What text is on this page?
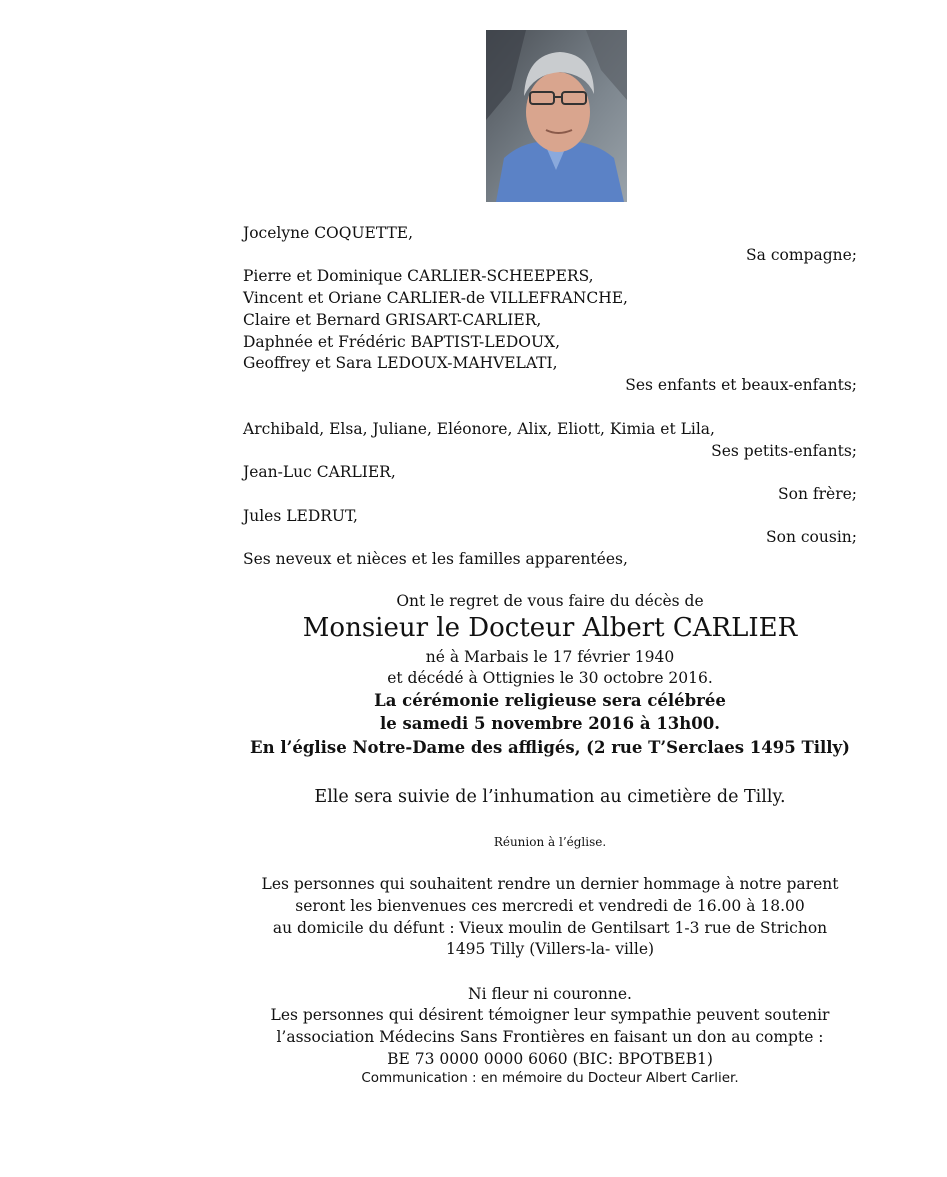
Jocelyne COQUETTE,
Sa compagne;
Pierre et Dominique CARLIER-SCHEEPERS,
Vincent et Oriane CARLIER-de VILLEFRANCHE,
Claire et Bernard GRISART-CARLIER,
Daphnée et Frédéric BAPTIST-LEDOUX,
Geoffrey et Sara LEDOUX-MAHVELATI,
Ses enfants et beaux-enfants;
Archibald, Elsa, Juliane, Eléonore, Alix, Eliott, Kimia et Lila,
Ses petits-enfants;
Jean-Luc CARLIER,
Son frère;
Jules LEDRUT,
Son cousin;
Ses neveux et nièces et les familles apparentées,
Ont le regret de vous faire du décès de
Monsieur le Docteur Albert CARLIER
né à Marbais le 17 février 1940
et décédé à Ottignies le 30 octobre 2016.
La cérémonie religieuse sera célébrée
le samedi 5 novembre 2016 à 13h00.
En l’église Notre-Dame des affligés, (2 rue T’Serclaes 1495 Tilly)
Elle sera suivie de l’inhumation au cimetière de Tilly.
Réunion à l’église.
Les personnes qui souhaitent rendre un dernier hommage à notre parent
seront les bienvenues ces mercredi et vendredi de 16.00 à 18.00
au domicile du défunt : Vieux moulin de Gentilsart 1-3 rue de Strichon
1495 Tilly (Villers-la- ville)
Ni fleur ni couronne.
Les personnes qui désirent témoigner leur sympathie peuvent soutenir
l’association Médecins Sans Frontières en faisant un don au compte :
BE 73 0000 0000 6060 (BIC: BPOTBEB1)
Communication : en mémoire du Docteur Albert Carlier.
